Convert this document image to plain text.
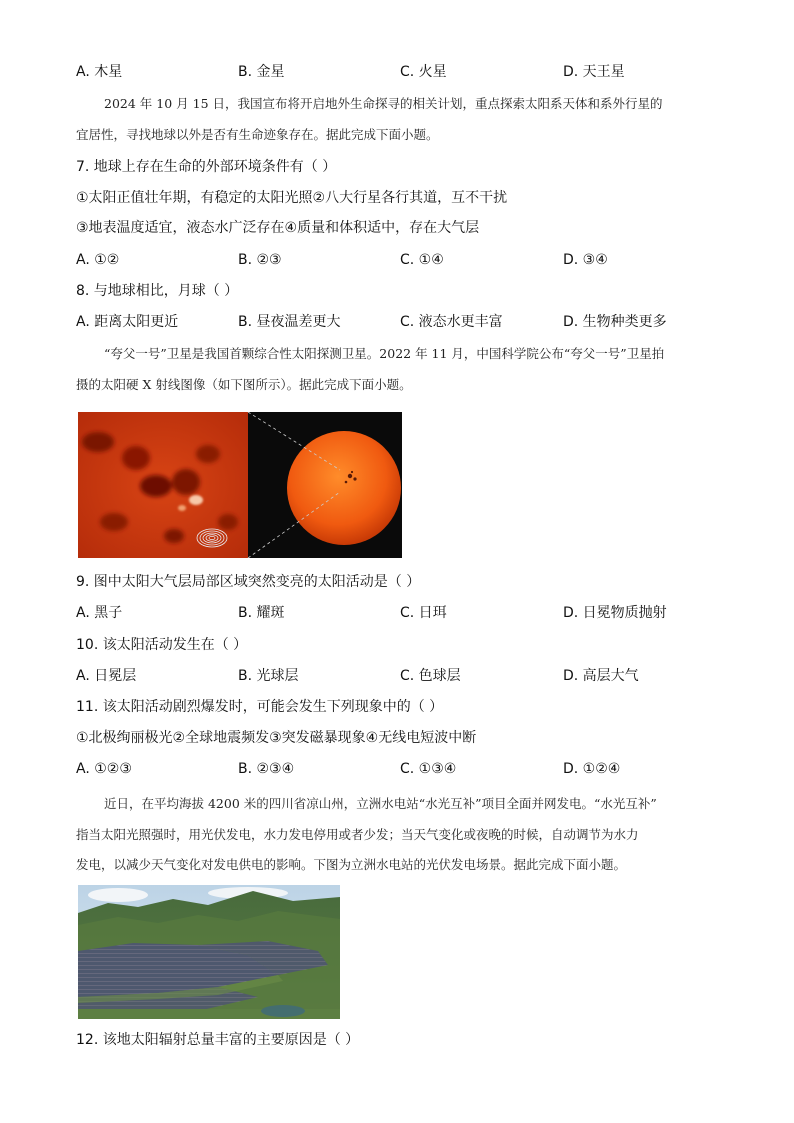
A. 木星	B. 金星	C. 火星	D. 天王星
2024 年 10 月 15 日，我国宣布将开启地外生命探寻的相关计划，重点探索太阳系天体和系外行星的
宜居性，寻找地球以外是否有生命迹象存在。据此完成下面小题。
7. 地球上存在生命的外部环境条件有（ ）
①太阳正值壮年期，有稳定的太阳光照②八大行星各行其道，互不干扰
③地表温度适宜，液态水广泛存在④质量和体积适中，存在大气层
A. ①②	B. ②③	C. ①④	D. ③④
8. 与地球相比，月球（ ）
A. 距离太阳更近	B. 昼夜温差更大	C. 液态水更丰富	D. 生物种类更多
“夸父一号”卫星是我国首颗综合性太阳探测卫星。2022 年 11 月，中国科学院公布“夸父一号”卫星拍
摄的太阳硬 X 射线图像（如下图所示）。据此完成下面小题。
9. 图中太阳大气层局部区域突然变亮的太阳活动是（ ）
A. 黑子	B. 耀斑	C. 日珥	D. 日冕物质抛射
10. 该太阳活动发生在（ ）
A. 日冕层	B. 光球层	C. 色球层	D. 高层大气
11. 该太阳活动剧烈爆发时，可能会发生下列现象中的（ ）
①北极绚丽极光②全球地震频发③突发磁暴现象④无线电短波中断
A. ①②③	B. ②③④	C. ①③④	D. ①②④
近日，在平均海拔 4200 米的四川省凉山州，立洲水电站“水光互补”项目全面并网发电。“水光互补”
指当太阳光照强时，用光伏发电，水力发电停用或者少发；当天气变化或夜晚的时候，自动调节为水力
发电，以减少天气变化对发电供电的影响。下图为立洲水电站的光伏发电场景。据此完成下面小题。
12. 该地太阳辐射总量丰富的主要原因是（ ）
